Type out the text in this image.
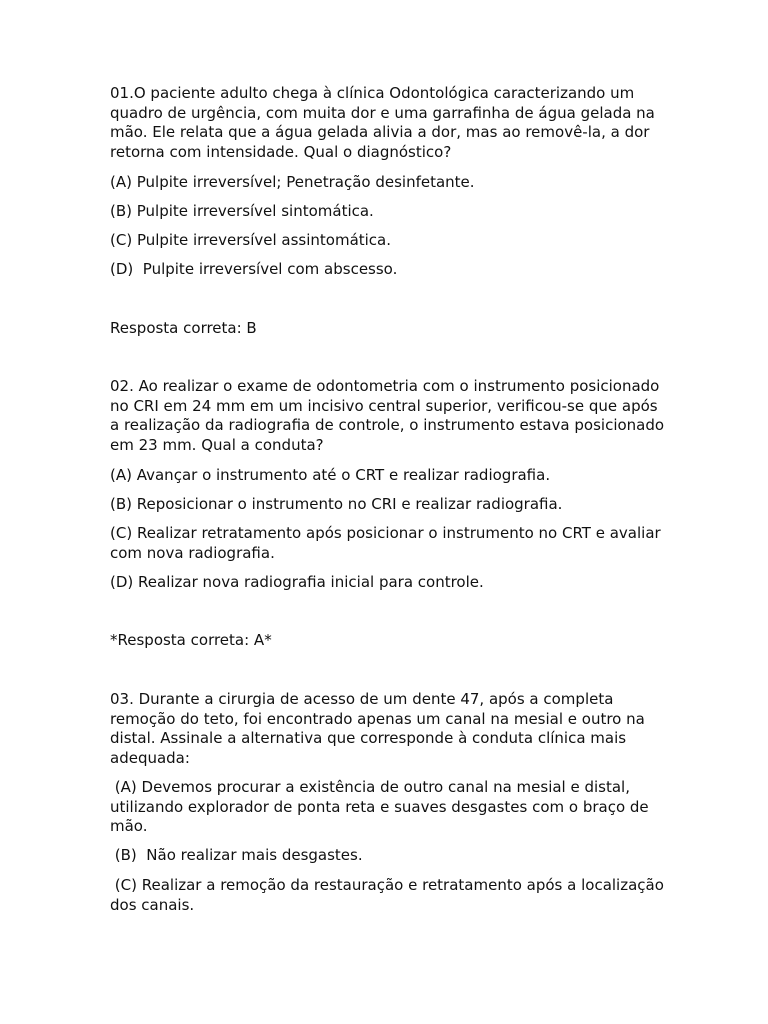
01.O paciente adulto chega à clínica Odontológica caracterizando um quadro de urgência, com muita dor e uma garrafinha de água gelada na mão. Ele relata que a água gelada alivia a dor, mas ao removê-la, a dor retorna com intensidade. Qual o diagnóstico?

(A) Pulpite irreversível; Penetração desinfetante.

(B) Pulpite irreversível sintomática.

(C) Pulpite irreversível assintomática.

(D)  Pulpite irreversível com abscesso.

Resposta correta: B

02. Ao realizar o exame de odontometria com o instrumento posicionado no CRI em 24 mm em um incisivo central superior, verificou-se que após a realização da radiografia de controle, o instrumento estava posicionado em 23 mm. Qual a conduta?

(A) Avançar o instrumento até o CRT e realizar radiografia.

(B) Reposicionar o instrumento no CRI e realizar radiografia.

(C) Realizar retratamento após posicionar o instrumento no CRT e avaliar com nova radiografia.

(D) Realizar nova radiografia inicial para controle.

*Resposta correta: A*

03. Durante a cirurgia de acesso de um dente 47, após a completa remoção do teto, foi encontrado apenas um canal na mesial e outro na distal. Assinale a alternativa que corresponde à conduta clínica mais adequada:

(A) Devemos procurar a existência de outro canal na mesial e distal, utilizando explorador de ponta reta e suaves desgastes com o braço de mão.

(B)  Não realizar mais desgastes.

(C) Realizar a remoção da restauração e retratamento após a localização dos canais.
